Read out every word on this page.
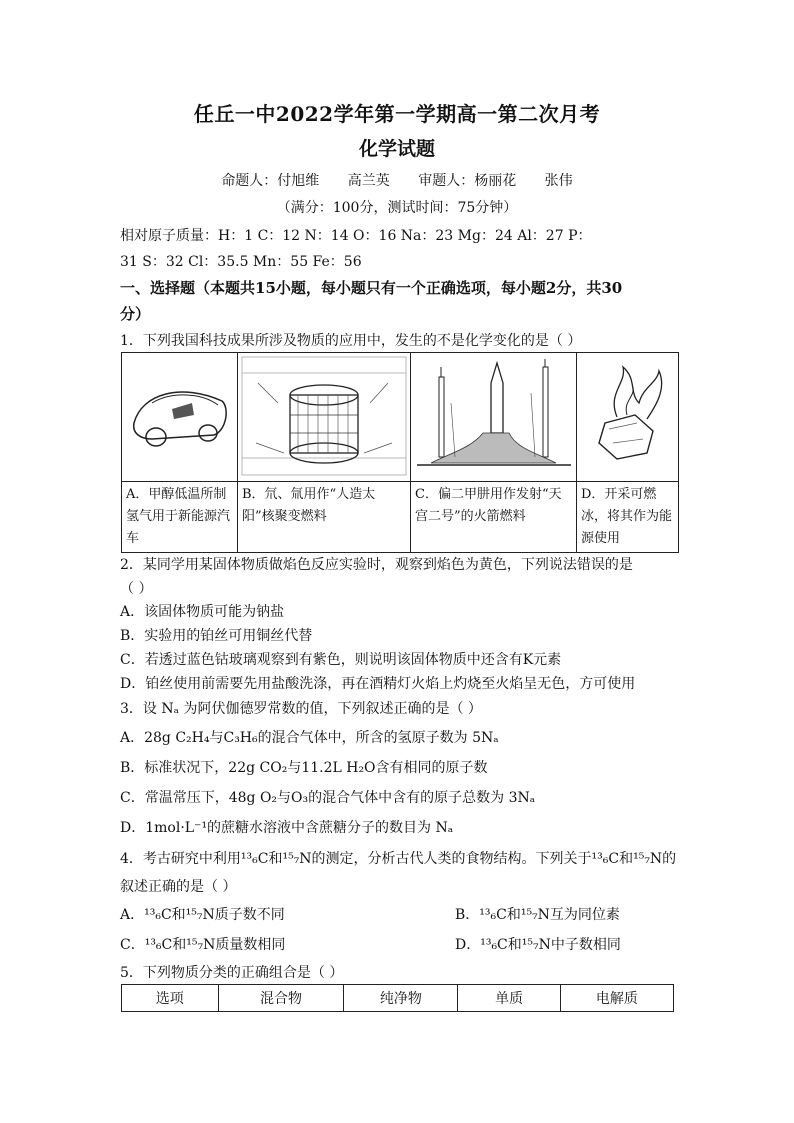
任丘一中2022学年第一学期高一第二次月考
化学试题
命题人：付旭维 高兰英 审题人：杨丽花 张伟
（满分：100分，测试时间：75分钟）
相对原子质量：H：1 C：12 N：14 O：16 Na：23 Mg：24 Al：27 P：
31 S：32 Cl：35.5 Mn：55 Fe：56
一、选择题（本题共15小题，每小题只有一个正确选项，每小题2分，共30
分）
1．下列我国科技成果所涉及物质的应用中，发生的不是化学变化的是（ ）

A．甲醇低温所制氢气用于新能源汽车	B．氘、氚用作“人造太阳”核聚变燃料	C．偏二甲肼用作发射“天宫二号”的火箭燃料	D．开采可燃冰，将其作为能源使用
2．某同学用某固体物质做焰色反应实验时，观察到焰色为黄色，下列说法错误的是
（ ）
A．该固体物质可能为钠盐
B．实验用的铂丝可用铜丝代替
C．若透过蓝色钴玻璃观察到有紫色，则说明该固体物质中还含有K元素
D．铂丝使用前需要先用盐酸洗涤，再在酒精灯火焰上灼烧至火焰呈无色，方可使用
3．设 Nₐ 为阿伏伽德罗常数的值，下列叙述正确的是（ ）
A．28g C₂H₄与C₃H₆的混合气体中，所含的氢原子数为 5Nₐ
B．标准状况下，22g CO₂与11.2L H₂O含有相同的原子数
C．常温常压下，48g O₂与O₃的混合气体中含有的原子总数为 3Nₐ
D．1mol·L⁻¹的蔗糖水溶液中含蔗糖分子的数目为 Nₐ
4．考古研究中利用¹³₆C和¹⁵₇N的测定，分析古代人类的食物结构。下列关于¹³₆C和¹⁵₇N的
叙述正确的是（ ）
A．¹³₆C和¹⁵₇N质子数不同	B．¹³₆C和¹⁵₇N互为同位素
C．¹³₆C和¹⁵₇N质量数相同	D．¹³₆C和¹⁵₇N中子数相同
5．下列物质分类的正确组合是（ ）
选项	混合物	纯净物	单质	电解质
